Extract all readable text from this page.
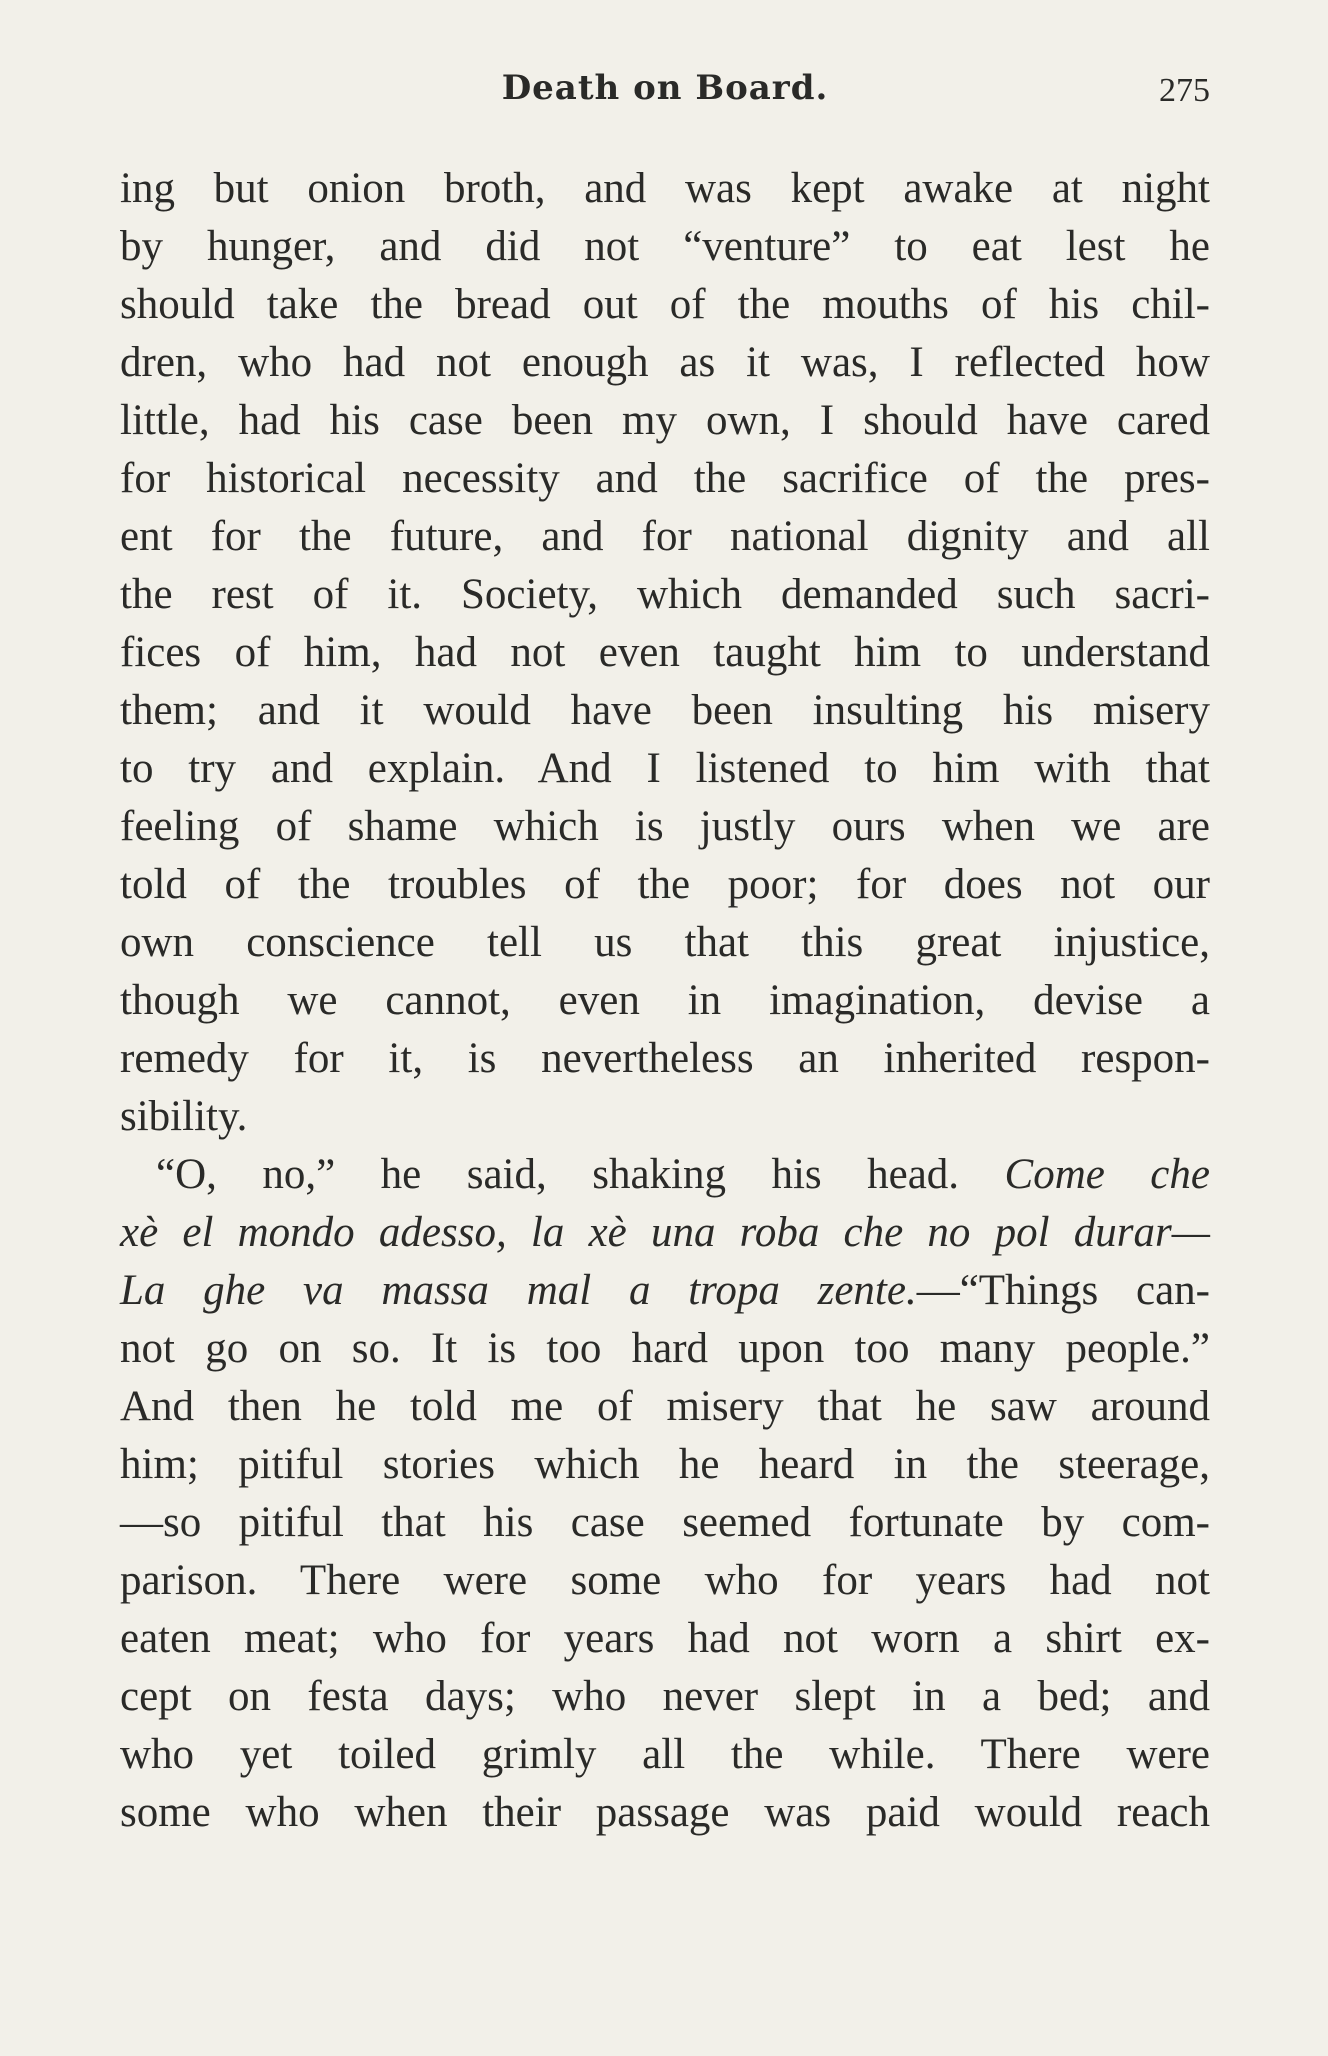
Death on Board.	275
ing but onion broth, and was kept awake at night
by hunger, and did not “venture” to eat lest he
should take the bread out of the mouths of his chil-
dren, who had not enough as it was, I reflected how
little, had his case been my own, I should have cared
for historical necessity and the sacrifice of the pres-
ent for the future, and for national dignity and all
the rest of it. Society, which demanded such sacri-
fices of him, had not even taught him to understand
them; and it would have been insulting his misery
to try and explain. And I listened to him with that
feeling of shame which is justly ours when we are
told of the troubles of the poor; for does not our
own conscience tell us that this great injustice,
though we cannot, even in imagination, devise a
remedy for it, is nevertheless an inherited respon-
sibility.
“O, no,” he said, shaking his head. Come che
xè el mondo adesso, la xè una roba che no pol durar—
La ghe va massa mal a tropa zente.—“Things can-
not go on so. It is too hard upon too many people.”
And then he told me of misery that he saw around
him; pitiful stories which he heard in the steerage,
—so pitiful that his case seemed fortunate by com-
parison. There were some who for years had not
eaten meat; who for years had not worn a shirt ex-
cept on festa days; who never slept in a bed; and
who yet toiled grimly all the while. There were
some who when their passage was paid would reach
